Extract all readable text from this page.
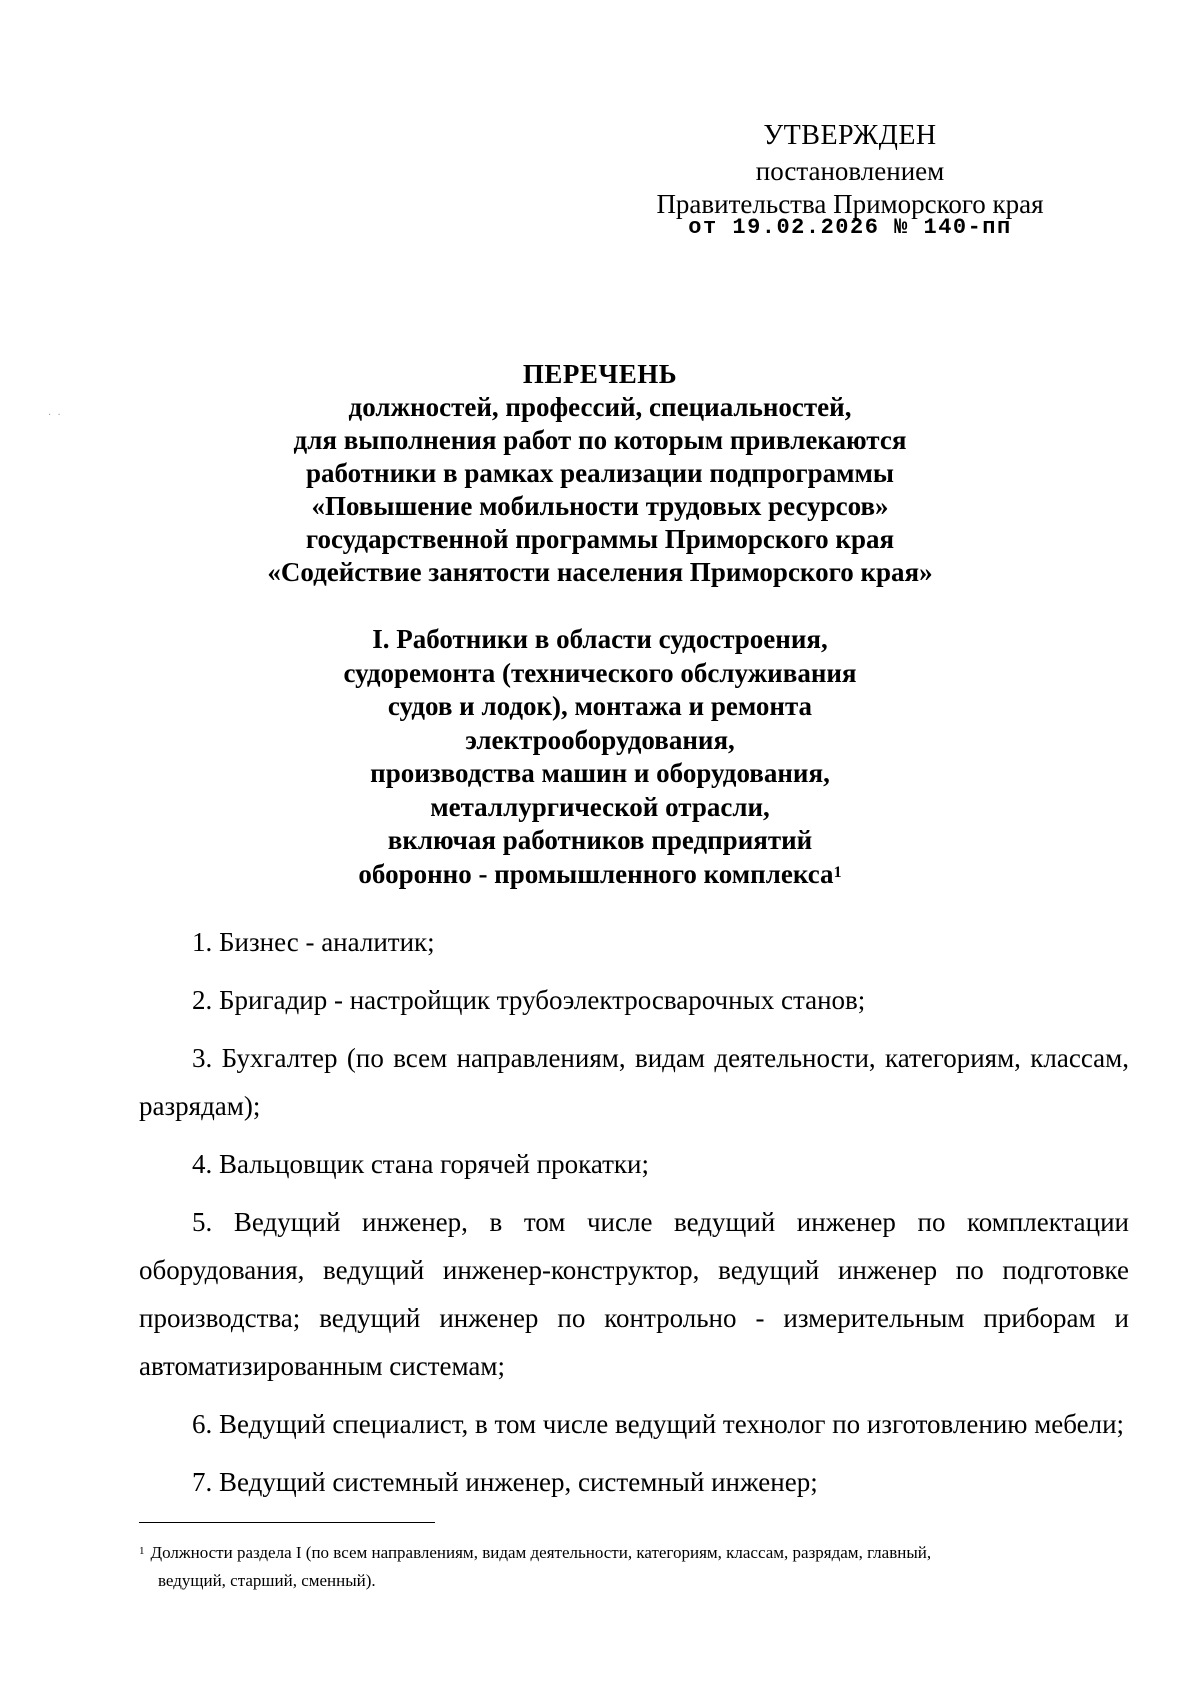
·  ·
УТВЕРЖДЕН
постановлением
Правительства Приморского края
от 19.02.2026 № 140-пп
ПЕРЕЧЕНЬ
должностей, профессий, специальностей,
для выполнения работ по которым привлекаются
работники в рамках реализации подпрограммы
«Повышение мобильности трудовых ресурсов»
государственной программы Приморского края
«Содействие занятости населения Приморского края»
I. Работники в области судостроения,
судоремонта (технического обслуживания
судов и лодок), монтажа и ремонта
электрооборудования,
производства машин и оборудования,
металлургической отрасли,
включая работников предприятий
оборонно - промышленного комплекса$^1$

1. Бизнес - аналитик;

2. Бригадир - настройщик трубоэлектросварочных станов;

3. Бухгалтер (по всем направлениям, видам деятельности, категориям, классам, разрядам);

4. Вальцовщик стана горячей прокатки;

5. Ведущий инженер, в том числе ведущий инженер по комплектации оборудования, ведущий инженер-конструктор, ведущий инженер по подготовке производства; ведущий инженер по контрольно - измерительным приборам и автоматизированным системам;

6. Ведущий специалист, в том числе ведущий технолог по изготовлению мебели;

7. Ведущий системный инженер, системный инженер;

$^1$ Должности раздела I (по всем направлениям, видам деятельности, категориям, классам, разрядам, главный,
ведущий, старший, сменный).
